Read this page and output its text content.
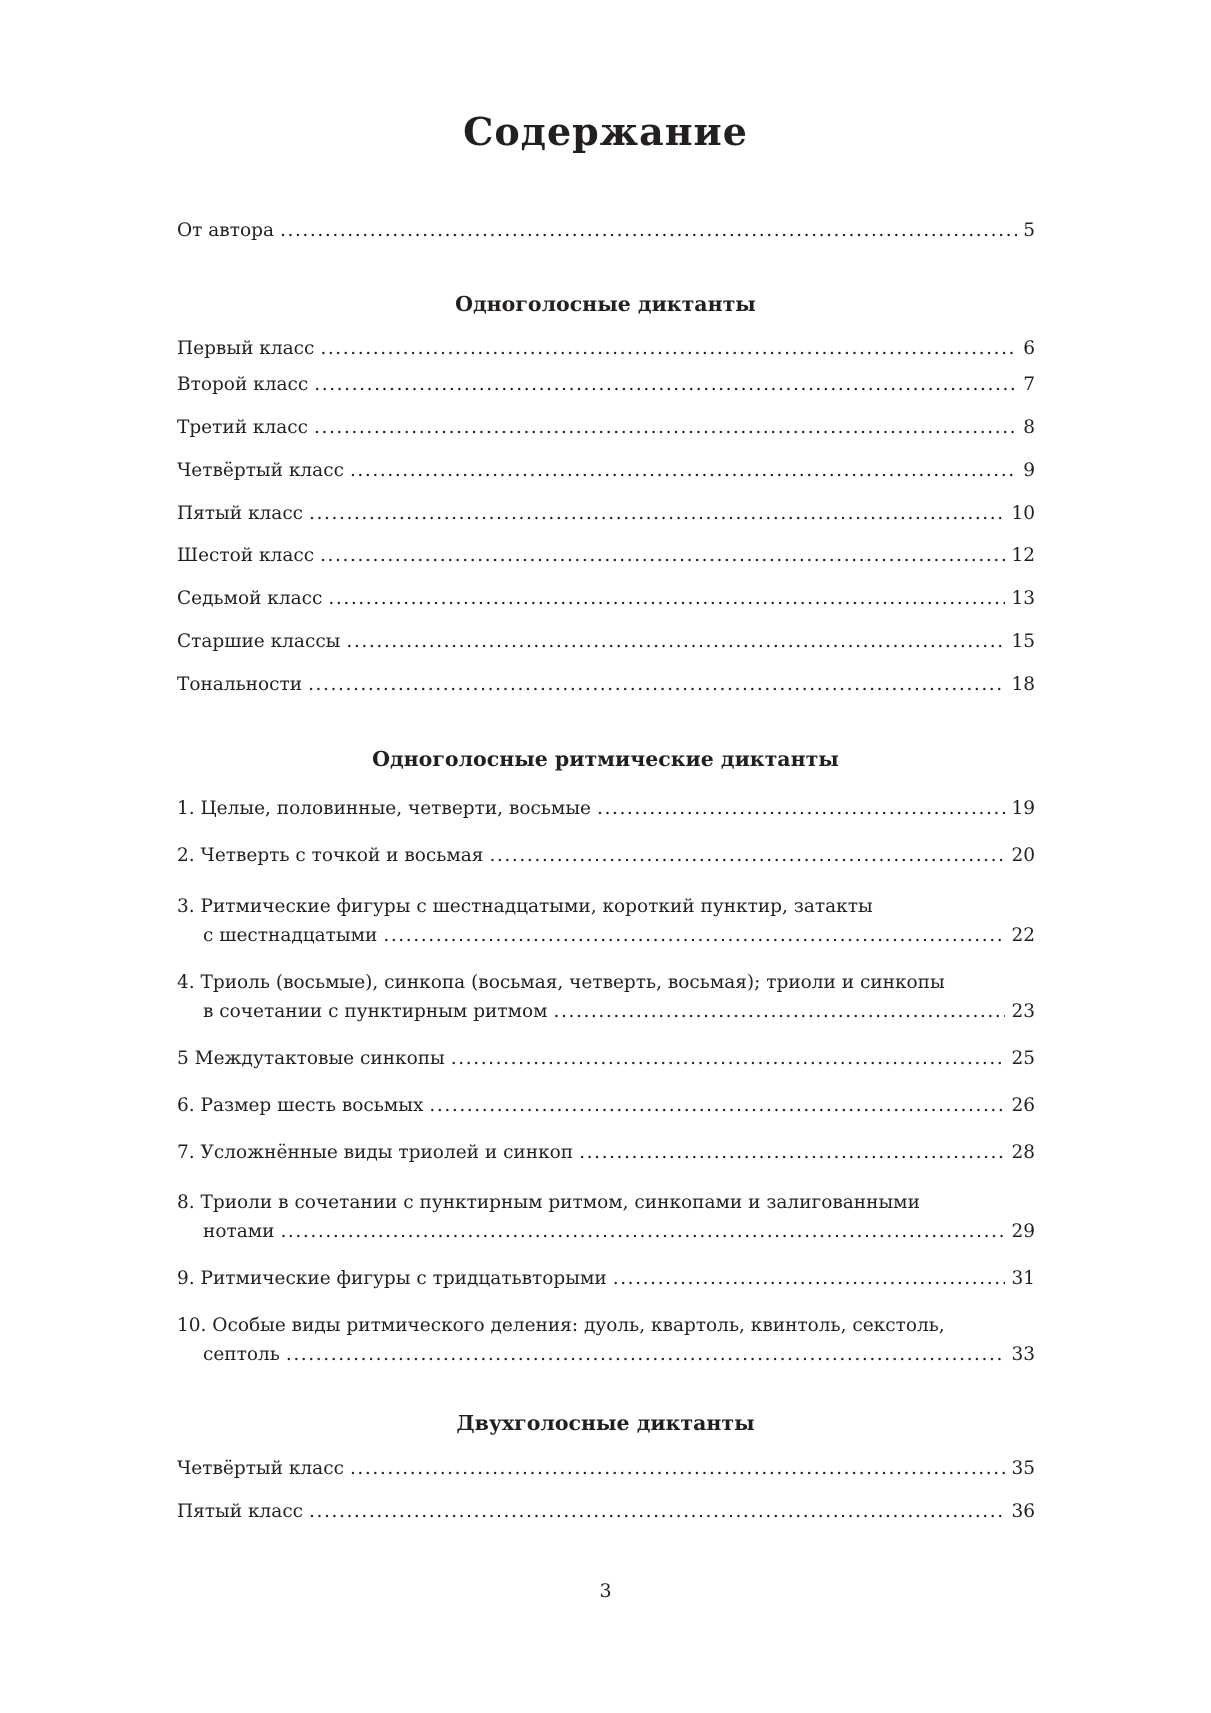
Содержание
От автора .....	5
Одноголосные диктанты
Первый класс .....	6
Второй класс .....	7
Третий класс .....	8
Четвёртый класс .....	9
Пятый класс .....	10
Шестой класс .....	12
Седьмой класс .....	13
Старшие классы .....	15
Тональности .....	18
Одноголосные ритмические диктанты
1. Целые, половинные, четверти, восьмые .....	19
2. Четверть с точкой и восьмая .....	20
3. Ритмические фигуры с шестнадцатыми, короткий пунктир, затакты
с шестнадцатыми .....	22
4. Триоль (восьмые), синкопа (восьмая, четверть, восьмая); триоли и синкопы
в сочетании с пунктирным ритмом .....	23
5 Междутактовые синкопы .....	25
6. Размер шесть восьмых .....	26
7. Усложнённые виды триолей и синкоп .....	28
8. Триоли в сочетании с пунктирным ритмом, синкопами и залигованными
нотами .....	29
9. Ритмические фигуры с тридцатьвторыми .....	31
10. Особые виды ритмического деления: дуоль, квартоль, квинтоль, секстоль,
септоль .....	33
Двухголосные диктанты
Четвёртый класс .....	35
Пятый класс .....	36
3
